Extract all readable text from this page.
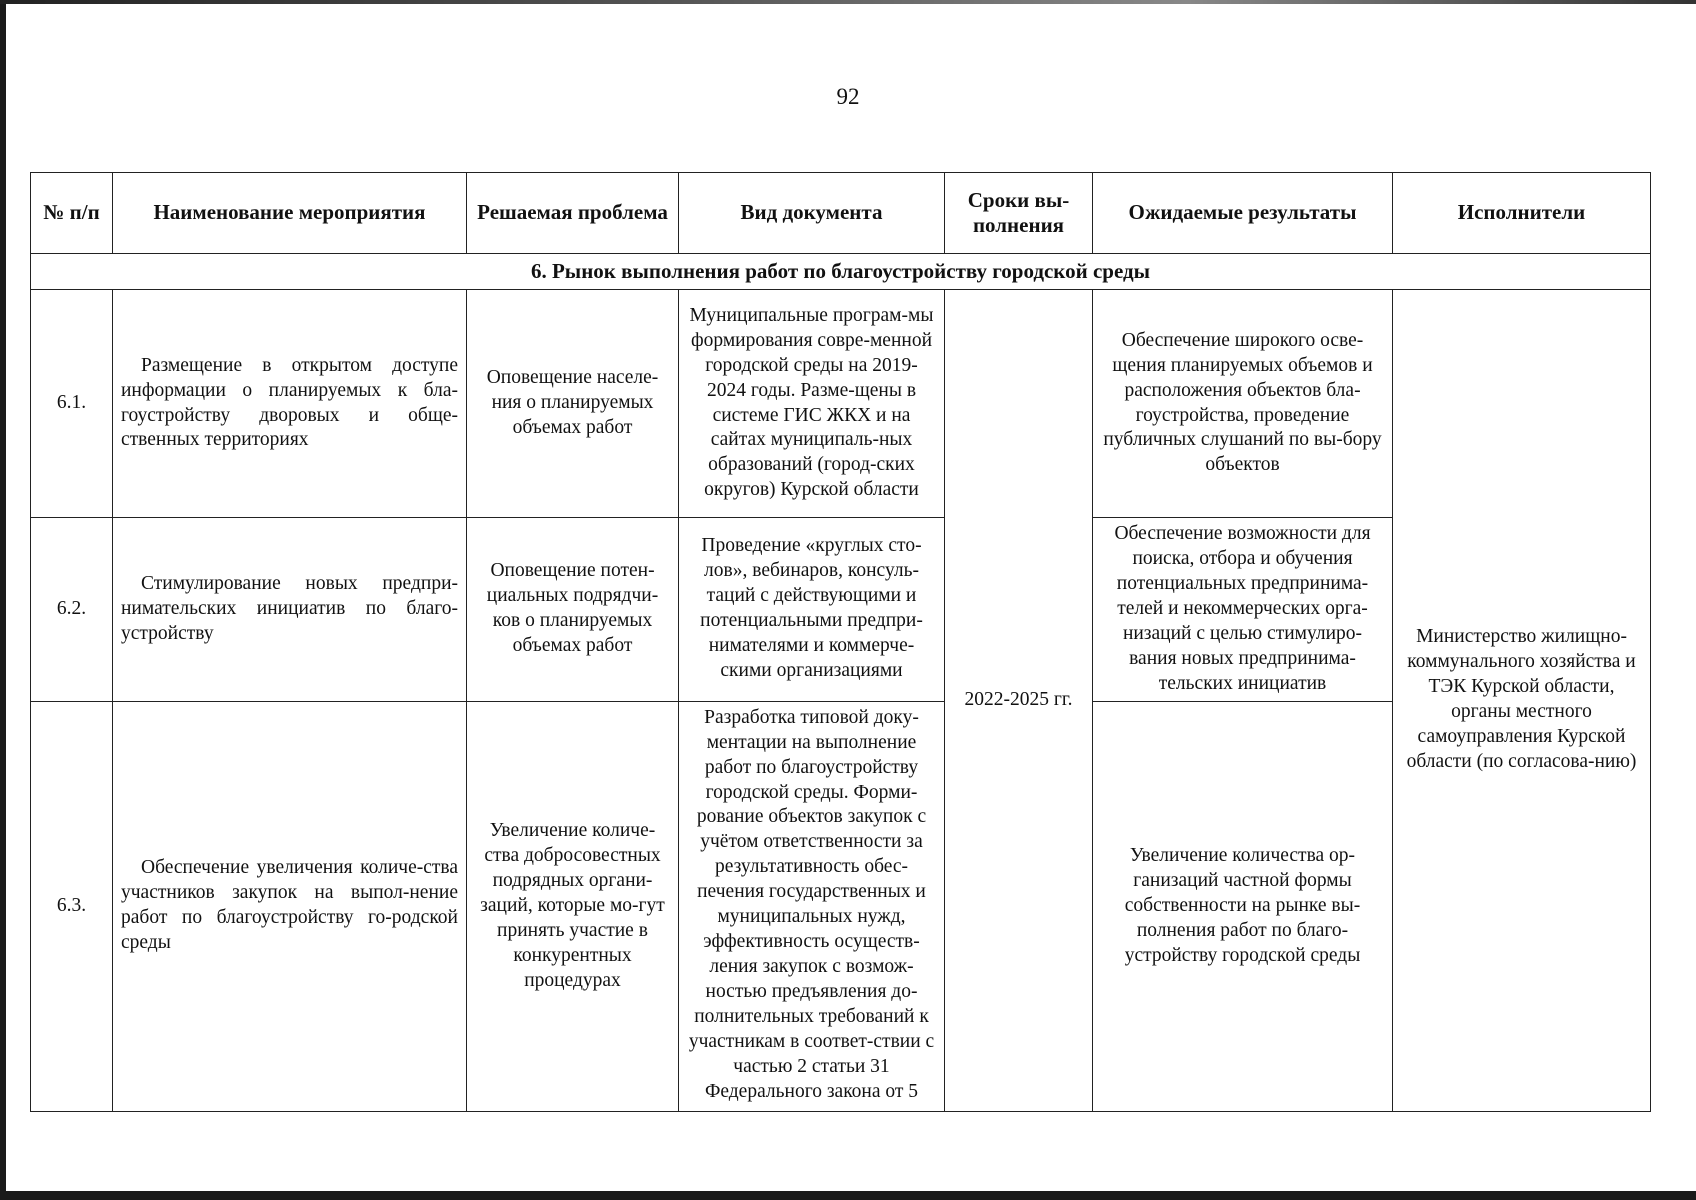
92
№ п/п	Наименование мероприятия	Решаемая проблема	Вид документа	Сроки вы-полнения	Ожидаемые результаты	Исполнители
6. Рынок выполнения работ по благоустройству городской среды						
6.1.	Размещение в открытом доступе информации о планируемых к бла-гоустройству дворовых и обще-ственных территориях	Оповещение населе-ния о планируемых объемах работ	Муниципальные програм-мы формирования совре-менной городской среды на 2019-2024 годы. Разме-щены в системе ГИС ЖКХ и на сайтах муниципаль-ных образований (город-ских округов) Курской области	2022-2025 гг.	Обеспечение широкого осве-щения планируемых объемов и расположения объектов бла-гоустройства, проведение публичных слушаний по вы-бору объектов	Министерство жилищно-коммунального хозяйства и ТЭК Курской области, органы местного самоуправления Курской области (по согласова-нию)
6.2.	Стимулирование новых предпри-нимательских инициатив по благо-устройству	Оповещение потен-циальных подрядчи-ков о планируемых объемах работ	Проведение «круглых сто-лов», вебинаров, консуль-таций с действующими и потенциальными предпри-нимателями и коммерче-скими организациями		Обеспечение возможности для поиска, отбора и обучения потенциальных предпринима-телей и некоммерческих орга-низаций с целью стимулиро-вания новых предпринима-тельских инициатив	
6.3.	Обеспечение увеличения количе-ства участников закупок на выпол-нение работ по благоустройству го-родской среды	Увеличение количе-ства добросовестных подрядных органи-заций, которые мо-гут принять участие в конкурентных процедурах	Разработка типовой доку-ментации на выполнение работ по благоустройству городской среды. Форми-рование объектов закупок с учётом ответственности за результативность обес-печения государственных и муниципальных нужд, эффективность осуществ-ления закупок с возмож-ностью предъявления до-полнительных требований к участникам в соответ-ствии с частью 2 статьи 31 Федерального закона от 5		Увеличение количества ор-ганизаций частной формы собственности на рынке вы-полнения работ по благо-устройству городской среды	
